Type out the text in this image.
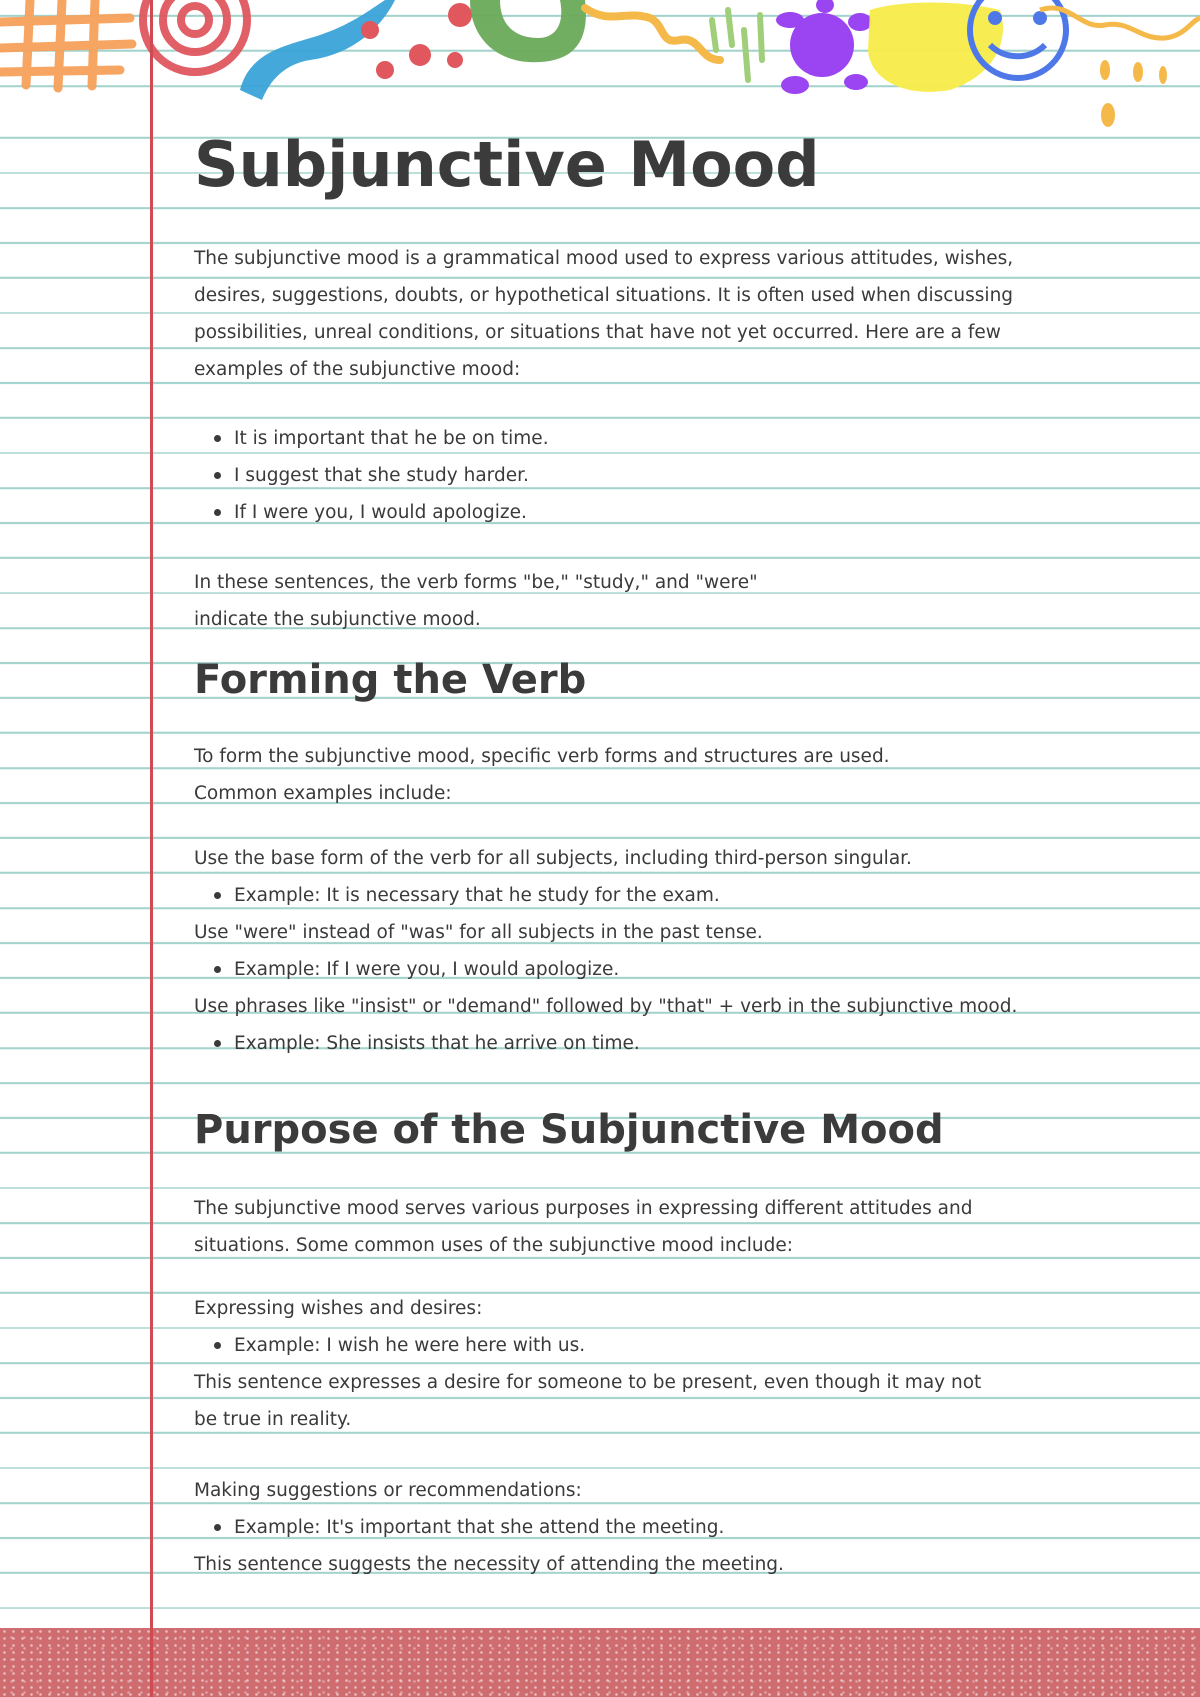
Subjunctive Mood

The subjunctive mood is a grammatical mood used to express various attitudes, wishes, desires, suggestions, doubts, or hypothetical situations. It is often used when discussing possibilities, unreal conditions, or situations that have not yet occurred. Here are a few examples of the subjunctive mood:

It is important that he be on time.
I suggest that she study harder.
If I were you, I would apologize.

In these sentences, the verb forms "be," "study," and "were" indicate the subjunctive mood.

Forming the Verb

To form the subjunctive mood, specific verb forms and structures are used. Common examples include:

Use the base form of the verb for all subjects, including third-person singular.
Example: It is necessary that he study for the exam.
Use "were" instead of "was" for all subjects in the past tense.
Example: If I were you, I would apologize.
Use phrases like "insist" or "demand" followed by "that" + verb in the subjunctive mood.
Example: She insists that he arrive on time.
Purpose of the Subjunctive Mood

The subjunctive mood serves various purposes in expressing different attitudes and situations. Some common uses of the subjunctive mood include:

Expressing wishes and desires:
Example: I wish he were here with us.

This sentence expresses a desire for someone to be present, even though it may not be true in reality.

Making suggestions or recommendations:
Example: It's important that she attend the meeting.
This sentence suggests the necessity of attending the meeting.
